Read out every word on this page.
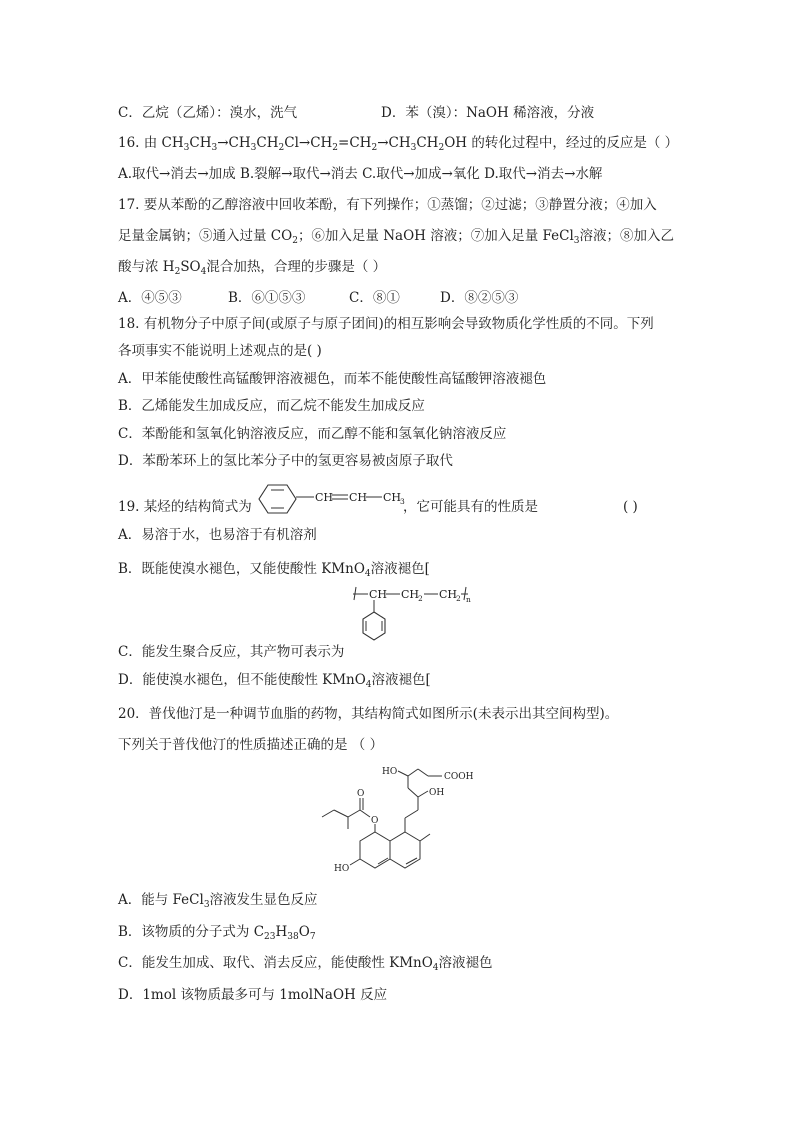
C．乙烷（乙烯）：溴水，洗气	D．苯（溴）：NaOH 稀溶液，分液
16. 由 $CH_3CH_3\to CH_3CH_2Cl\to CH_2=CH_2\to CH_3CH_2OH$ 的转化过程中，经过的反应是（ ）
A.取代→消去→加成 B.裂解→取代→消去 C.取代→加成→氧化 D.取代→消去→水解
17. 要从苯酚的乙醇溶液中回收苯酚，有下列操作；①蒸馏；②过滤；③静置分液；④加入
足量金属钠；⑤通入过量 $CO_2$；⑥加入足量 NaOH 溶液；⑦加入足量 FeCl$_3$溶液；⑧加入乙
酸与浓 $H_2SO_4$混合加热，合理的步骤是（ ）
A．④⑤③	B．⑥①⑤③	C．⑧①	D．⑧②⑤③
18. 有机物分子中原子间(或原子与原子团间)的相互影响会导致物质化学性质的不同。下列
各项事实不能说明上述观点的是( )
A．甲苯能使酸性高锰酸钾溶液褪色，而苯不能使酸性高锰酸钾溶液褪色
B．乙烯能发生加成反应，而乙烷不能发生加成反应
C．苯酚能和氢氧化钠溶液反应，而乙醇不能和氢氧化钠溶液反应
D．苯酚苯环上的氢比苯分子中的氢更容易被卤原子取代
19. 某烃的结构简式为	，它可能具有的性质是	( )
CH CH CH
3
A．易溶于水，也易溶于有机溶剂
B．既能使溴水褪色，又能使酸性 KMnO$_4$溶液褪色[
CH CH
2 CH
2 n
C．能发生聚合反应，其产物可表示为
D．能使溴水褪色，但不能使酸性 KMnO$_4$溶液褪色[
20．普伐他汀是一种调节血脂的药物，其结构简式如图所示(未表示出其空间构型)。
下列关于普伐他汀的性质描述正确的是 （ ）
HO
O
O	OH
HO	COOH
A．能与 FeCl$_3$溶液发生显色反应
B．该物质的分子式为 $C_{23}H_{38}O_7$
C．能发生加成、取代、消去反应，能使酸性 KMnO$_4$溶液褪色
D．1mol 该物质最多可与 1molNaOH 反应
